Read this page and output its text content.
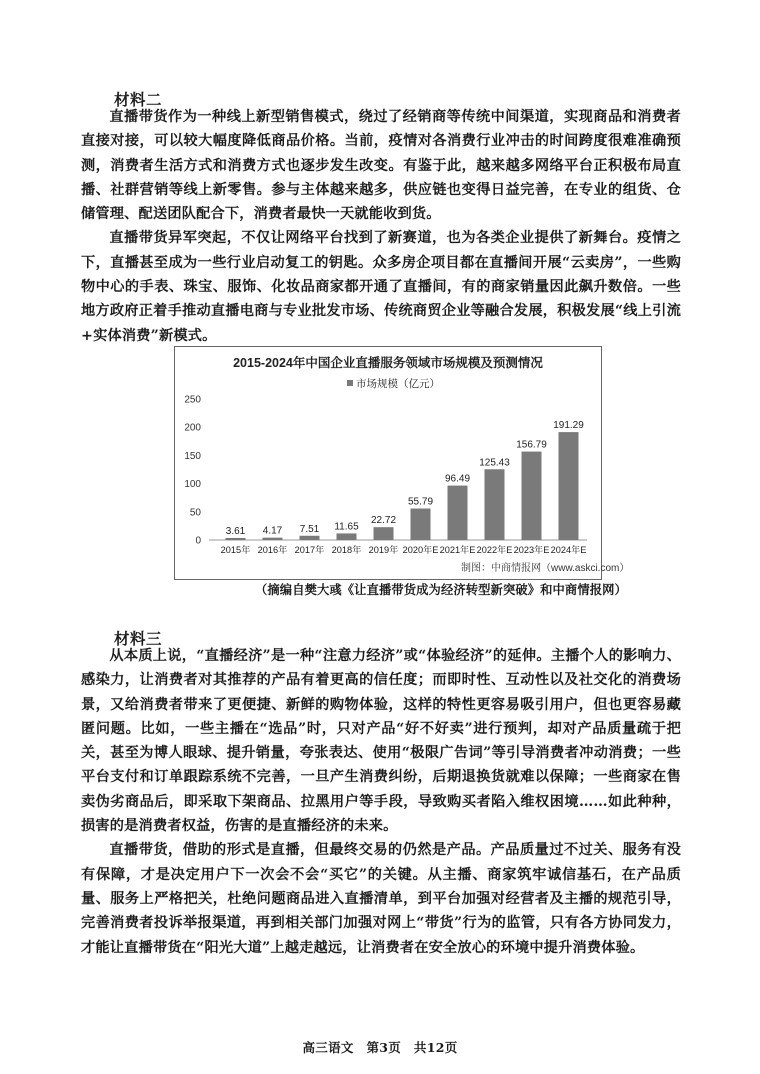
材料二

直播带货作为一种线上新型销售模式，绕过了经销商等传统中间渠道，实现商品和消费者直接对接，可以较大幅度降低商品价格。当前，疫情对各消费行业冲击的时间跨度很难准确预测，消费者生活方式和消费方式也逐步发生改变。有鉴于此，越来越多网络平台正积极布局直播、社群营销等线上新零售。参与主体越来越多，供应链也变得日益完善，在专业的组货、仓储管理、配送团队配合下，消费者最快一天就能收到货。

直播带货异军突起，不仅让网络平台找到了新赛道，也为各类企业提供了新舞台。疫情之下，直播甚至成为一些行业启动复工的钥匙。众多房企项目都在直播间开展“云卖房”，一些购物中心的手表、珠宝、服饰、化妆品商家都开通了直播间，有的商家销量因此飙升数倍。一些地方政府正着手推动直播电商与专业批发市场、传统商贸企业等融合发展，积极发展“线上引流+实体消费”新模式。

2015-2024年中国企业直播服务领域市场规模及预测情况
市场规模（亿元）
0
50
100
150
200
250
3.61 4.17 7.51 11.65
22.72
55.79
96.49
125.43
156.79
191.29
2015年 2016年 2017年 2018年 2019年 2020年E 2021年E 2022年E 2023年E 2024年E
制图：中商情报网（www.askci.com）
（摘编自樊大彧《让直播带货成为经济转型新突破》和中商情报网）
材料三

从本质上说，“直播经济”是一种“注意力经济”或“体验经济”的延伸。主播个人的影响力、感染力，让消费者对其推荐的产品有着更高的信任度；而即时性、互动性以及社交化的消费场景，又给消费者带来了更便捷、新鲜的购物体验，这样的特性更容易吸引用户，但也更容易藏匿问题。比如，一些主播在“选品”时，只对产品“好不好卖”进行预判，却对产品质量疏于把关，甚至为博人眼球、提升销量，夸张表达、使用“极限广告词”等引导消费者冲动消费；一些平台支付和订单跟踪系统不完善，一旦产生消费纠纷，后期退换货就难以保障；一些商家在售卖伪劣商品后，即采取下架商品、拉黑用户等手段，导致购买者陷入维权困境……如此种种，损害的是消费者权益，伤害的是直播经济的未来。

直播带货，借助的形式是直播，但最终交易的仍然是产品。产品质量过不过关、服务有没有保障，才是决定用户下一次会不会“买它”的关键。从主播、商家筑牢诚信基石，在产品质量、服务上严格把关，杜绝问题商品进入直播清单，到平台加强对经营者及主播的规范引导，完善消费者投诉举报渠道，再到相关部门加强对网上“带货”行为的监管，只有各方协同发力，才能让直播带货在“阳光大道”上越走越远，让消费者在安全放心的环境中提升消费体验。

高三语文　第3页　共12页
